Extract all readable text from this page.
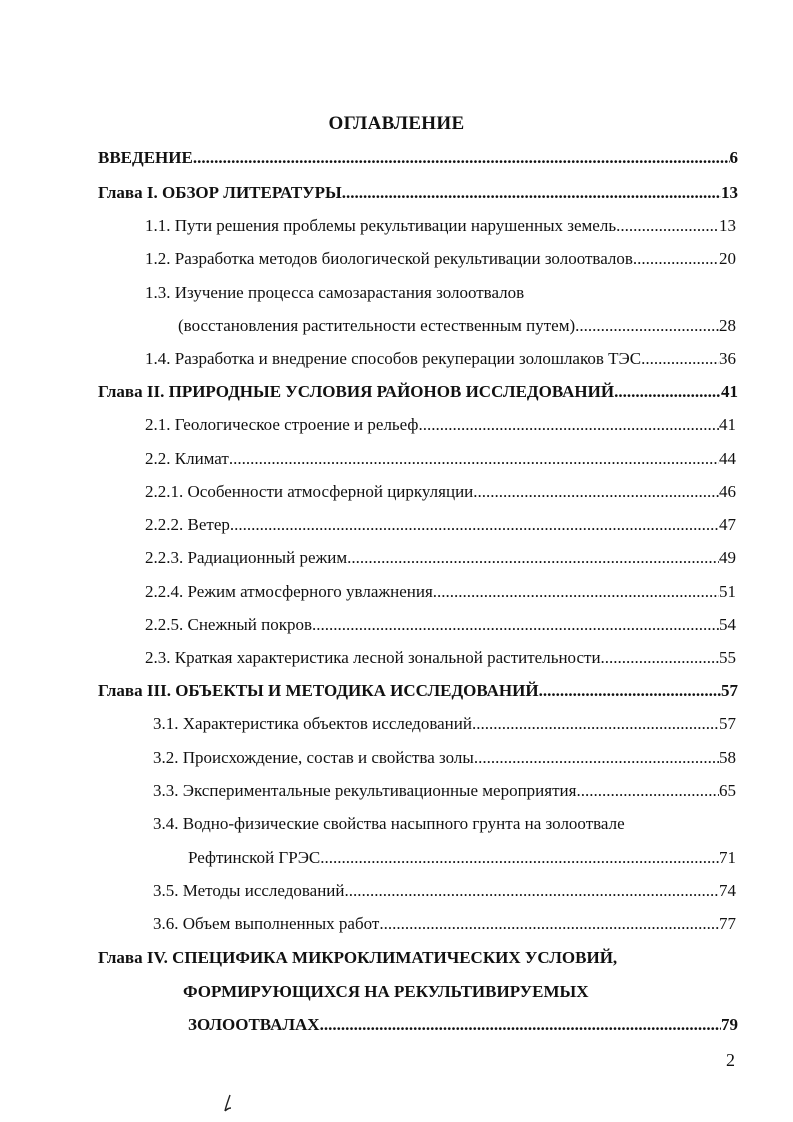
ОГЛАВЛЕНИЕ
ВВЕДЕНИЕ .....	6
Глава I. ОБЗОР ЛИТЕРАТУРЫ .....	13
1.1. Пути решения проблемы рекультивации нарушенных земель .....	13
1.2. Разработка методов биологической рекультивации золоотвалов .....	20
1.3. Изучение процесса самозарастания золоотвалов
(восстановления растительности естественным путем) .....	28
1.4. Разработка и внедрение способов рекуперации золошлаков ТЭС .....	36
Глава II. ПРИРОДНЫЕ УСЛОВИЯ РАЙОНОВ ИССЛЕДОВАНИЙ .....	41
2.1. Геологическое строение и рельеф .....	41
2.2. Климат .....	44
2.2.1. Особенности атмосферной циркуляции .....	46
2.2.2. Ветер .....	47
2.2.3. Радиационный режим .....	49
2.2.4. Режим атмосферного увлажнения .....	51
2.2.5. Снежный покров .....	54
2.3. Краткая характеристика лесной зональной растительности .....	55
Глава III. ОБЪЕКТЫ И МЕТОДИКА ИССЛЕДОВАНИЙ .....	57
3.1. Характеристика объектов исследований .....	57
3.2. Происхождение, состав и свойства золы .....	58
3.3. Экспериментальные рекультивационные мероприятия .....	65
3.4. Водно-физические свойства насыпного грунта на золоотвале
Рефтинской ГРЭС .....	71
3.5. Методы исследований .....	74
3.6. Объем выполненных работ .....	77
Глава IV. СПЕЦИФИКА МИКРОКЛИМАТИЧЕСКИХ УСЛОВИЙ,
ФОРМИРУЮЩИХСЯ НА РЕКУЛЬТИВИРУЕМЫХ
ЗОЛООТВАЛАХ .....	79
2
